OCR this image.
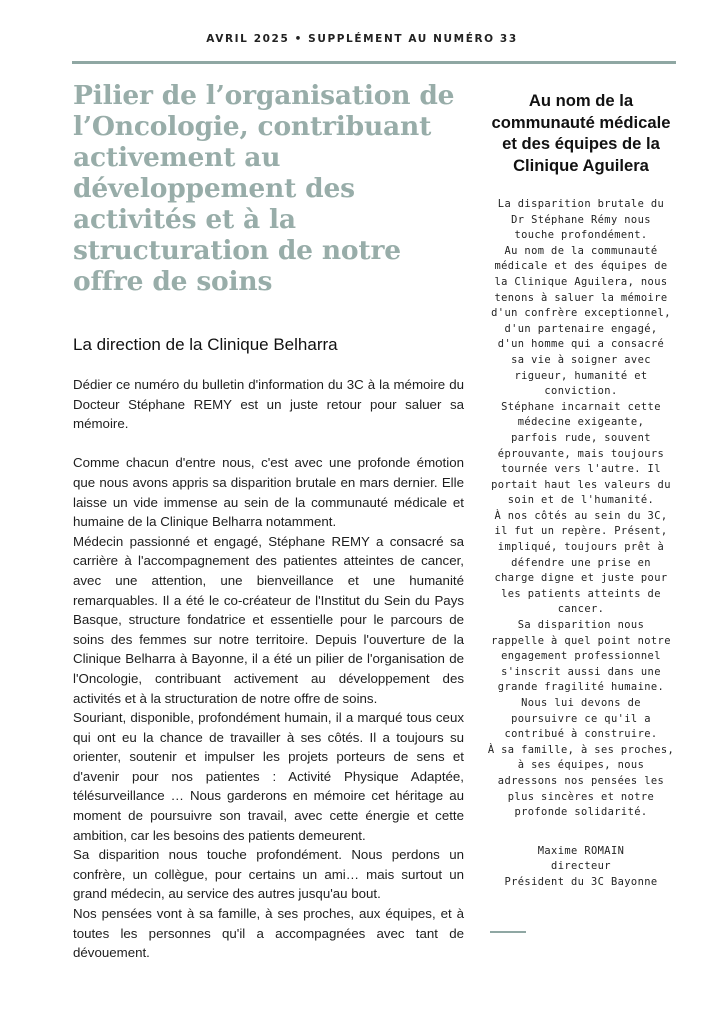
AVRIL 2025 • SUPPLÉMENT AU NUMÉRO 33
Pilier de l’organisation de l’Oncologie, contribuant activement au développement des activités et à la structuration de notre offre de soins
La direction de la Clinique Belharra

Dédier ce numéro du bulletin d'information du 3C à la mémoire du Docteur Stéphane REMY est un juste retour pour saluer sa mémoire.

Comme chacun d'entre nous, c'est avec une profonde émotion que nous avons appris sa disparition brutale en mars dernier. Elle laisse un vide immense au sein de la communauté médicale et humaine de la Clinique Belharra notamment.

Médecin passionné et engagé, Stéphane REMY a consacré sa carrière à l'accompagnement des patientes atteintes de cancer, avec une attention, une bienveillance et une humanité remarquables. Il a été le co-créateur de l'Institut du Sein du Pays Basque, structure fondatrice et essentielle pour le parcours de soins des femmes sur notre territoire. Depuis l'ouverture de la Clinique Belharra à Bayonne, il a été un pilier de l'organisation de l'Oncologie, contribuant activement au développement des activités et à la structuration de notre offre de soins.

Souriant, disponible, profondément humain, il a marqué tous ceux qui ont eu la chance de travailler à ses côtés. Il a toujours su orienter, soutenir et impulser les projets porteurs de sens et d'avenir pour nos patientes : Activité Physique Adaptée, télésurveillance … Nous garderons en mémoire cet héritage au moment de poursuivre son travail, avec cette énergie et cette ambition, car les besoins des patients demeurent.

Sa disparition nous touche profondément. Nous perdons un confrère, un collègue, pour certains un ami… mais surtout un grand médecin, au service des autres jusqu'au bout.

Nos pensées vont à sa famille, à ses proches, aux équipes, et à toutes les personnes qu'il a accompagnées avec tant de dévouement.

Au nom de la communauté médicale et des équipes de la Clinique Aguilera
La disparition brutale du
Dr Stéphane Rémy nous
touche profondément.
Au nom de la communauté
médicale et des équipes de
la Clinique Aguilera, nous
tenons à saluer la mémoire
d'un confrère exceptionnel,
d'un partenaire engagé,
d'un homme qui a consacré
sa vie à soigner avec
rigueur, humanité et
conviction.
Stéphane incarnait cette
médecine exigeante,
parfois rude, souvent
éprouvante, mais toujours
tournée vers l'autre. Il
portait haut les valeurs du
soin et de l'humanité.
À nos côtés au sein du 3C,
il fut un repère. Présent,
impliqué, toujours prêt à
défendre une prise en
charge digne et juste pour
les patients atteints de
cancer.
Sa disparition nous
rappelle à quel point notre
engagement professionnel
s'inscrit aussi dans une
grande fragilité humaine.
Nous lui devons de
poursuivre ce qu'il a
contribué à construire.
À sa famille, à ses proches,
à ses équipes, nous
adressons nos pensées les
plus sincères et notre
profonde solidarité.
Maxime ROMAIN
directeur
Président du 3C Bayonne
